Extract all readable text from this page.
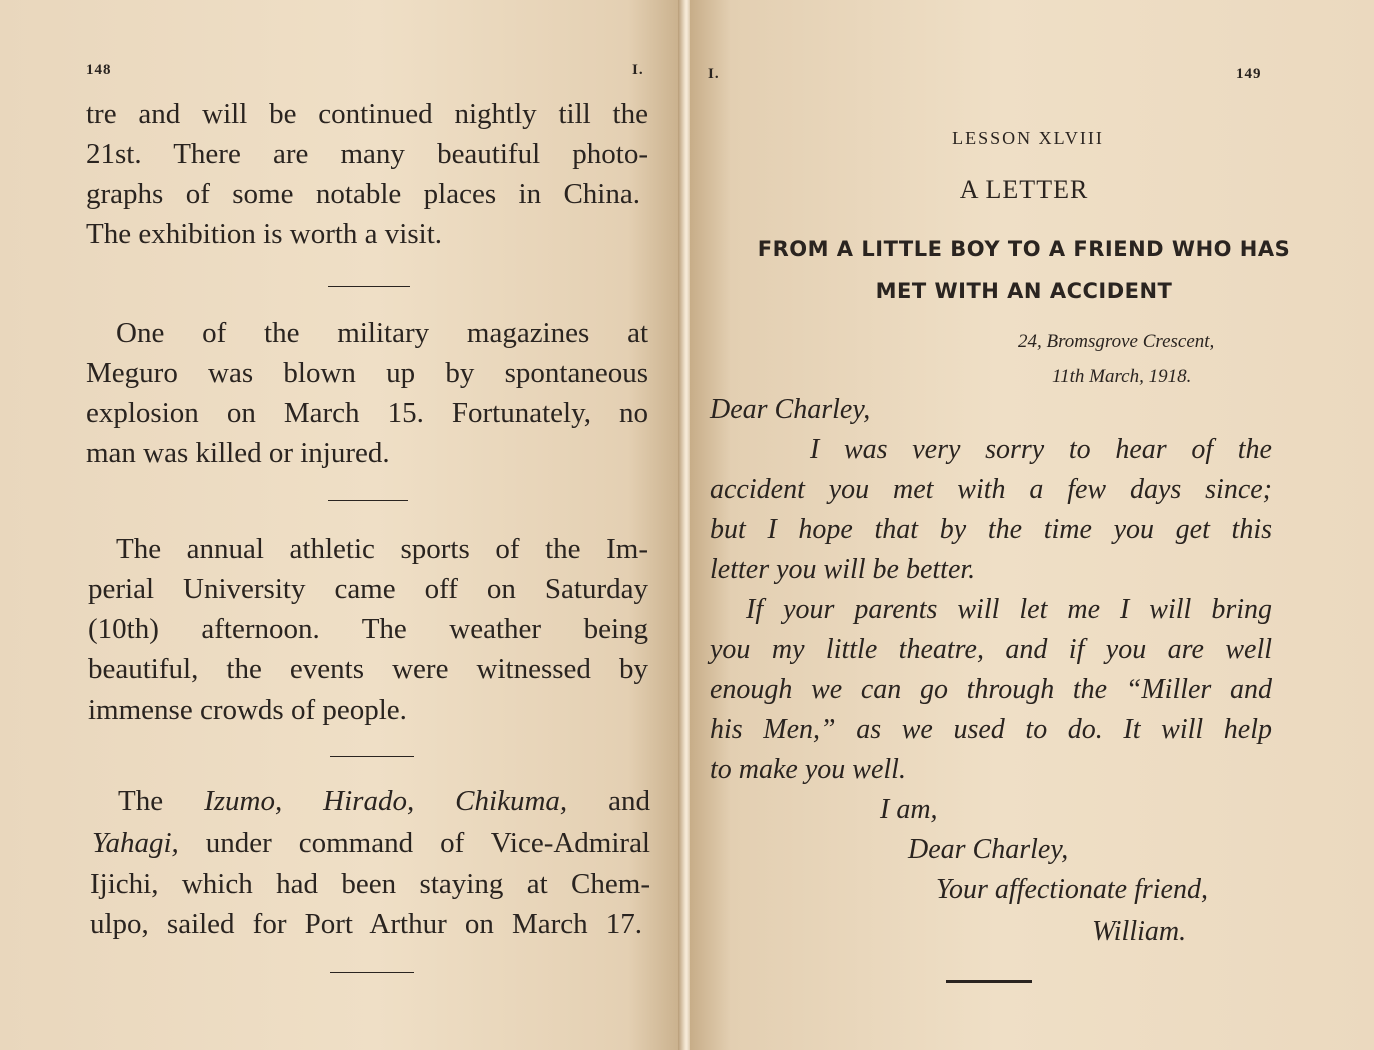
148	I.
tre and will be continued nightly till the
21st. There are many beautiful photo-
graphs of some notable places in China.
The exhibition is worth a visit.
One of the military magazines at
Meguro was blown up by spontaneous
explosion on March 15. Fortunately, no
man was killed or injured.
The annual athletic sports of the Im-
perial University came off on Saturday
(10th) afternoon. The weather being
beautiful, the events were witnessed by
immense crowds of people.
The Izumo, Hirado, Chikuma, and
Yahagi, under command of Vice-Admiral
Ijichi, which had been staying at Chem-
ulpo, sailed for Port Arthur on March 17.
I.	149
LESSON XLVIII
A LETTER
FROM A LITTLE BOY TO A FRIEND WHO HAS
MET WITH AN ACCIDENT
24, Bromsgrove Crescent,
11th March, 1918.
Dear Charley,
I was very sorry to hear of the
accident you met with a few days since;
but I hope that by the time you get this
letter you will be better.
If your parents will let me I will bring
you my little theatre, and if you are well
enough we can go through the “Miller and
his Men,” as we used to do. It will help
to make you well.
I am,
Dear Charley,
Your affectionate friend,
William.
